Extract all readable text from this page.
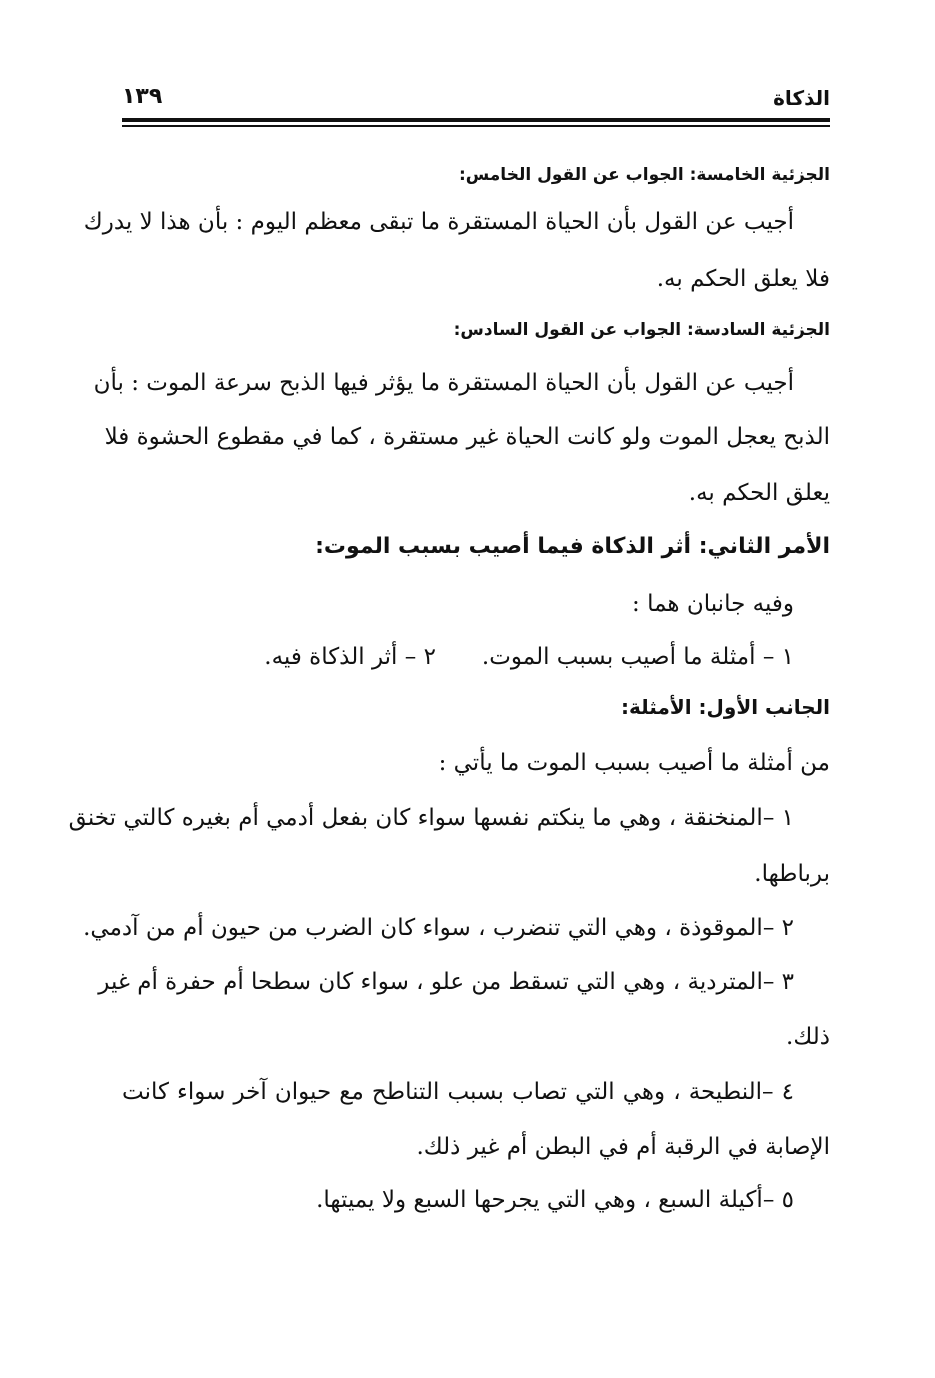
الذكاة
١٣٩
الجزئية الخامسة: الجواب عن القول الخامس:
أجيب عن القول بأن الحياة المستقرة ما تبقى معظم اليوم : بأن هذا لا يدرك
فلا يعلق الحكم به.
الجزئية السادسة: الجواب عن القول السادس:
أجيب عن القول بأن الحياة المستقرة ما يؤثر فيها الذبح سرعة الموت : بأن
الذبح يعجل الموت ولو كانت الحياة غير مستقرة ، كما في مقطوع الحشوة فلا
يعلق الحكم به.
الأمر الثاني: أثر الذكاة فيما أصيب بسبب الموت:
وفيه جانبان هما :
١ – أمثلة ما أصيب بسبب الموت.٢ – أثر الذكاة فيه.
الجانب الأول: الأمثلة:
من أمثلة ما أصيب بسبب الموت ما يأتي :
١ –المنخنقة ، وهي ما ينكتم نفسها سواء كان بفعل أدمي أم بغيره كالتي تخنق
برباطها.
٢ –الموقوذة ، وهي التي تنضرب ، سواء كان الضرب من حيون أم من آدمي.
٣ –المتردية ، وهي التي تسقط من علو ، سواء كان سطحا أم حفرة أم غير
ذلك.
٤ –النطيحة ، وهي التي تصاب بسبب التناطح مع حيوان آخر سواء كانت
الإصابة في الرقبة أم في البطن أم غير ذلك.
٥ –أكيلة السبع ، وهي التي يجرحها السبع ولا يميتها.
